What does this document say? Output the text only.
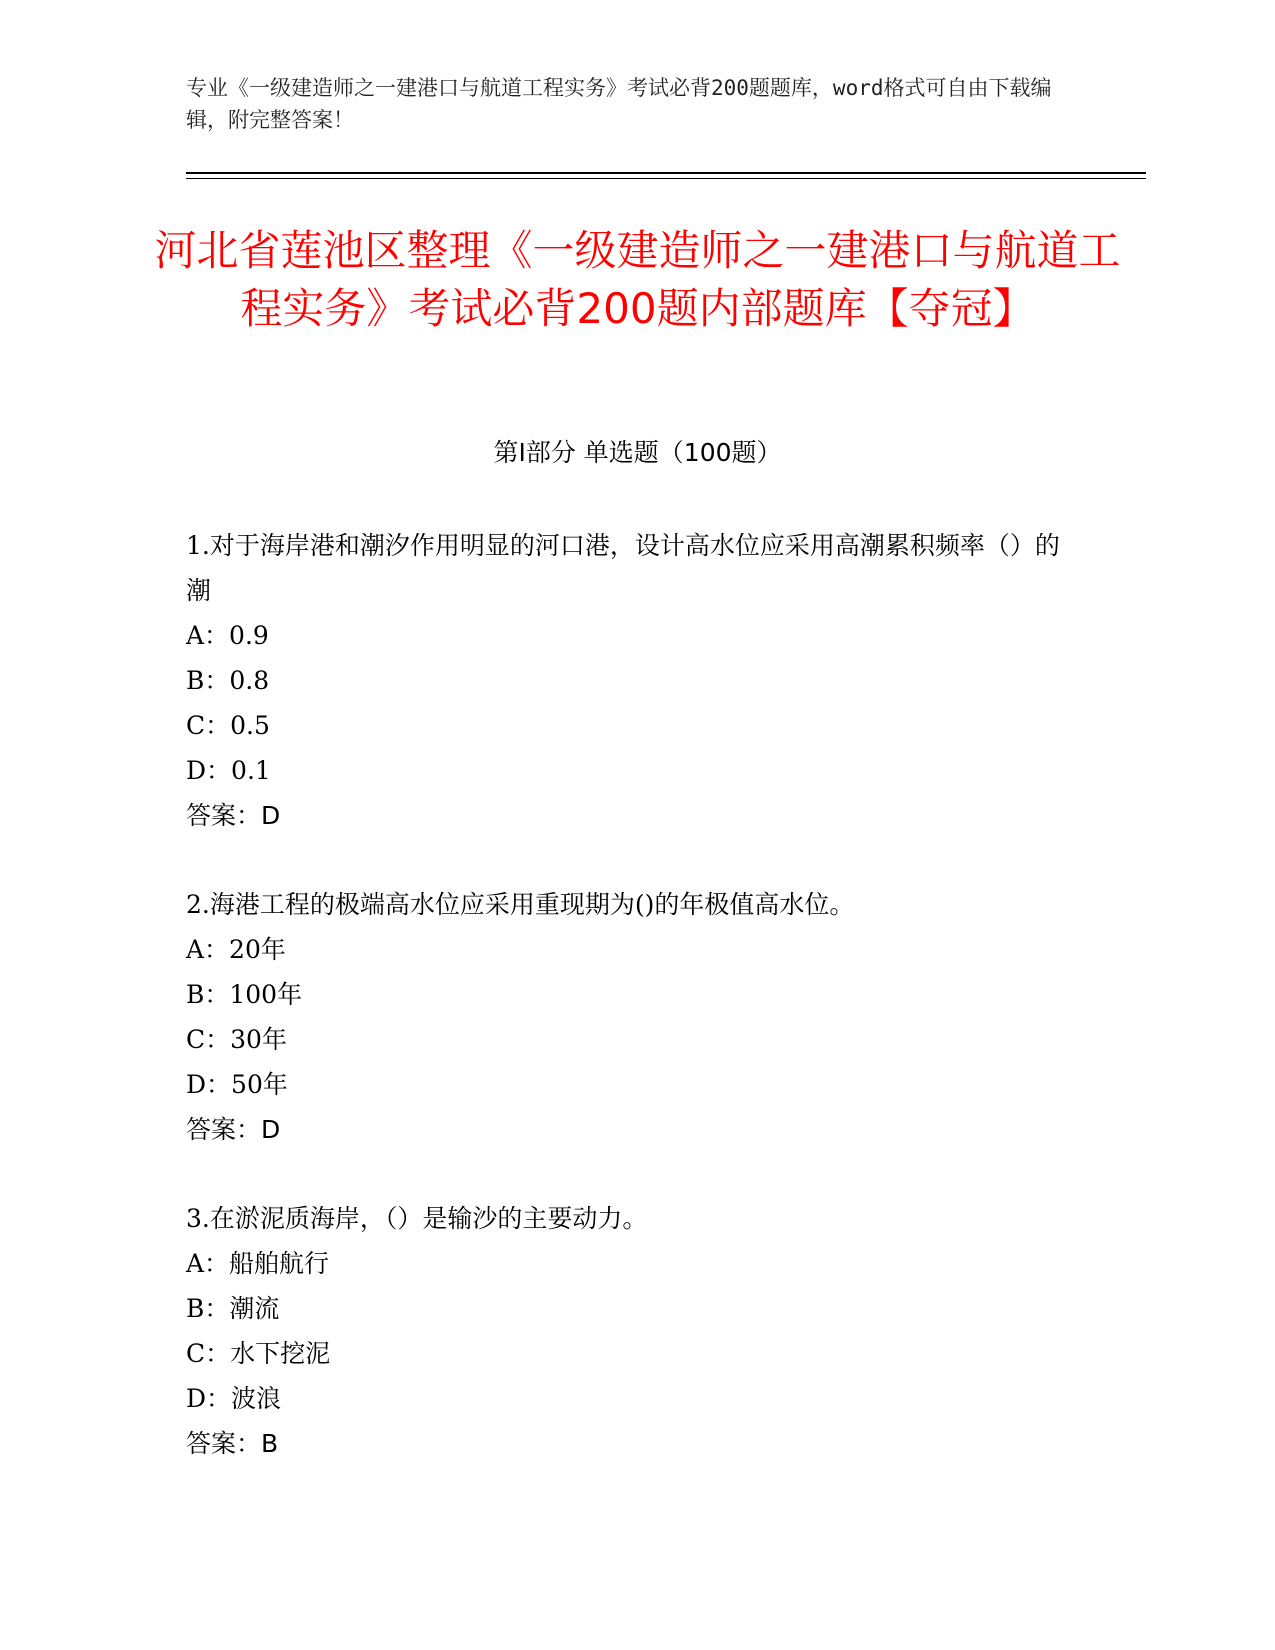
专业《一级建造师之一建港口与航道工程实务》考试必背200题题库，word格式可自由下载编辑，附完整答案！
河北省莲池区整理《一级建造师之一建港口与航道工程实务》考试必背200题内部题库【夺冠】
第Ⅰ部分 单选题（100题）

1.对于海岸港和潮汐作用明显的河口港，设计高水位应采用高潮累积频率（）的潮

A：0.9

B：0.8

C：0.5

D：0.1

答案：D

2.海港工程的极端高水位应采用重现期为()的年极值高水位。

A：20年

B：100年

C：30年

D：50年

答案：D

3.在淤泥质海岸，（）是输沙的主要动力。

A：船舶航行

B：潮流

C：水下挖泥

D：波浪

答案：B
